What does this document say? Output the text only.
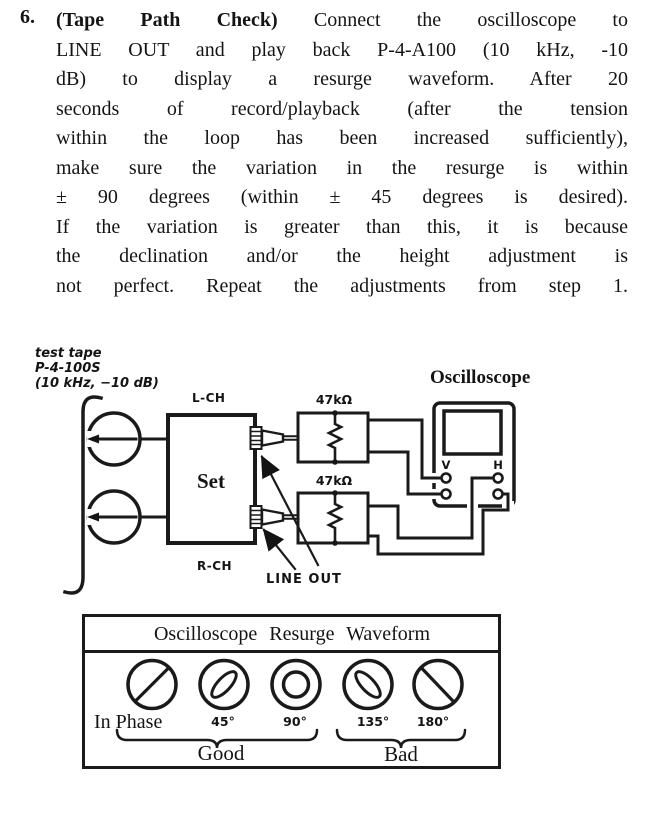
6. (Tape Path Check) Connect the oscilloscope to
LINE OUT and play back P-4-A100 (10 kHz, -10
dB) to display a resurge waveform. After 20
seconds of record/playback (after the tension
within the loop has been increased sufficiently),
make sure the variation in the resurge is within
± 90 degrees (within ± 45 degrees is desired).
If the variation is greater than this, it is because
the declination and/or the height adjustment is
not perfect. Repeat the adjustments from step 1.
test tape
P-4-100S
(10 kHz, −10 dB)
Set
L-CH
R-CH
47kΩ
47kΩ
Oscilloscope
V	H
LINE OUT
Oscilloscope Resurge Waveform
In Phase	45°	90°	135°	180°
Good	Bad
